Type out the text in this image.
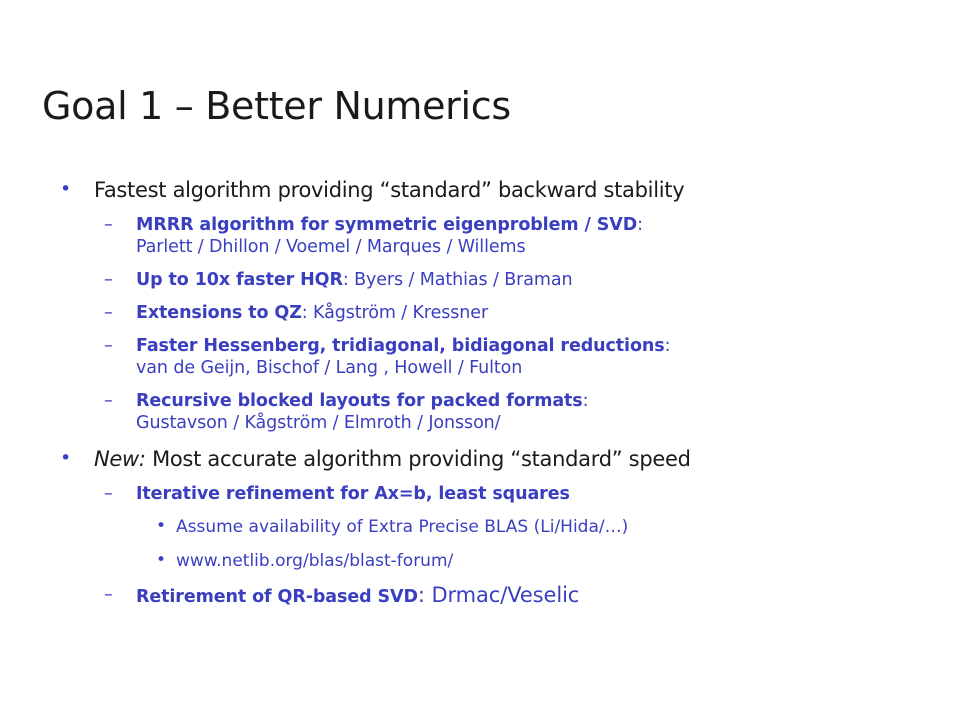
Goal 1 – Better Numerics
• Fastest algorithm providing “standard” backward stability
– MRRR algorithm for symmetric eigenproblem / SVD:
Parlett / Dhillon / Voemel / Marques / Willems
– Up to 10x faster HQR: Byers / Mathias / Braman
– Extensions to QZ: Kågström / Kressner
– Faster Hessenberg, tridiagonal, bidiagonal reductions:
van de Geijn, Bischof / Lang , Howell / Fulton
– Recursive blocked layouts for packed formats:
Gustavson / Kågström / Elmroth / Jonsson/
• New: Most accurate algorithm providing “standard” speed
– Iterative refinement for Ax=b, least squares
• Assume availability of Extra Precise BLAS (Li/Hida/…)
• www.netlib.org/blas/blast-forum/
– Retirement of QR-based SVD: Drmac/Veselic
